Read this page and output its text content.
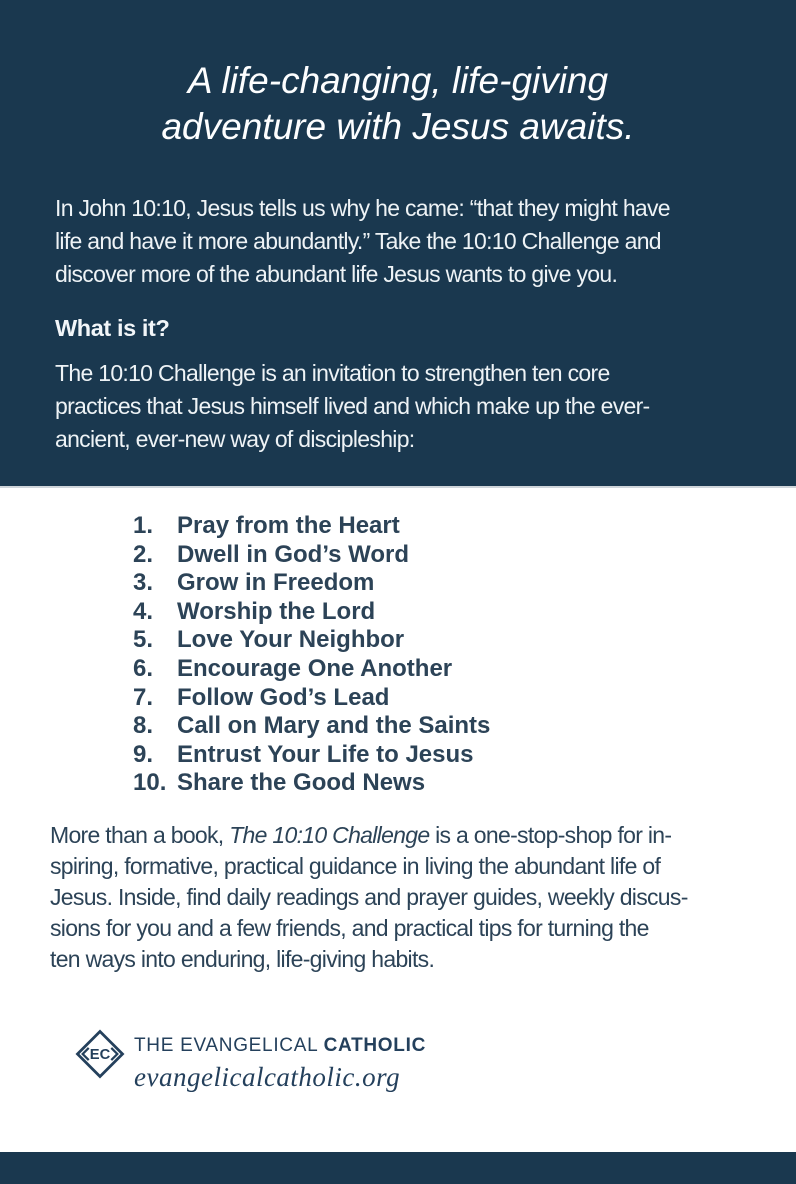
A life-changing, life-giving
adventure with Jesus awaits.

In John 10:10, Jesus tells us why he came: “that they might have
life and have it more abundantly.” Take the 10:10 Challenge and
discover more of the abundant life Jesus wants to give you.

What is it?

The 10:10 Challenge is an invitation to strengthen ten core
practices that Jesus himself lived and which make up the ever-
ancient, ever-new way of discipleship:

1. Pray from the Heart
2. Dwell in God’s Word
3. Grow in Freedom
4. Worship the Lord
5. Love Your Neighbor
6. Encourage One Another
7. Follow God’s Lead
8. Call on Mary and the Saints
9. Entrust Your Life to Jesus
10. Share the Good News
More than a book, The 10:10 Challenge is a one-stop-shop for in-
spiring, formative, practical guidance in living the abundant life of
Jesus. Inside, find daily readings and prayer guides, weekly discus-
sions for you and a few friends, and practical tips for turning the
ten ways into enduring, life-giving habits.
EC THE EVANGELICAL CATHOLIC
evangelicalcatholic.org
